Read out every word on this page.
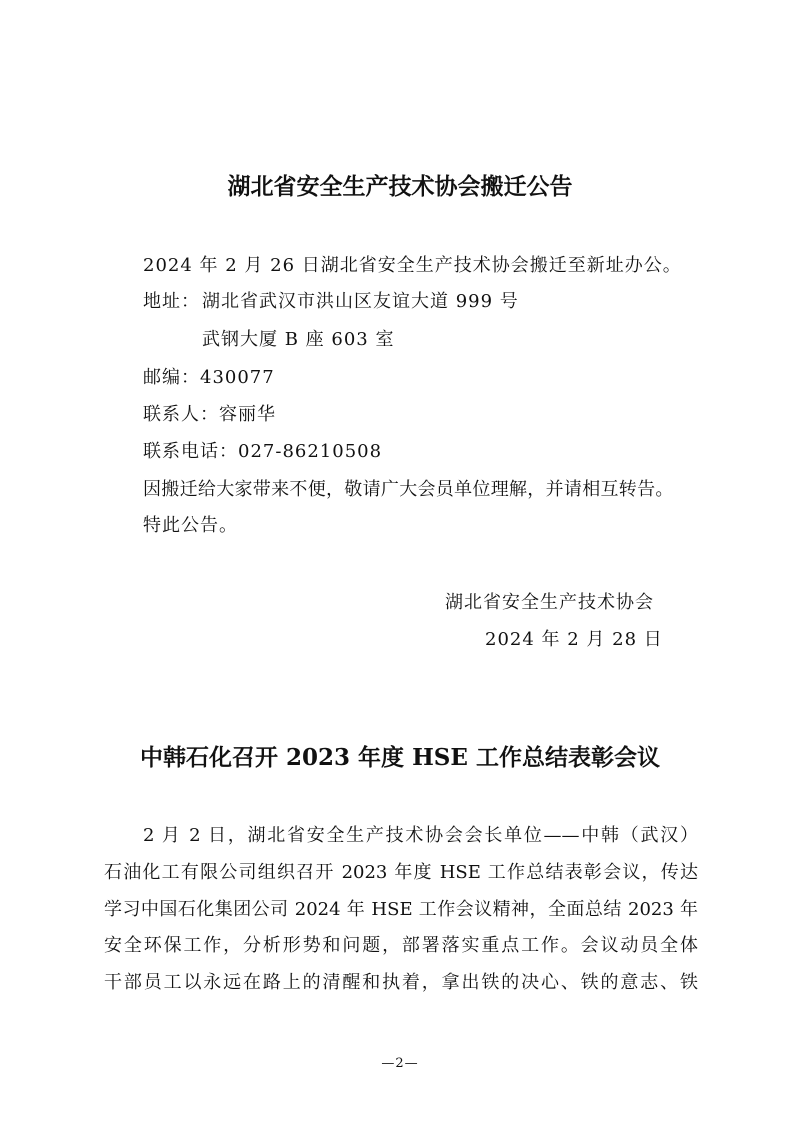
湖北省安全生产技术协会搬迁公告

2024 年 2 月 26 日湖北省安全生产技术协会搬迁至新址办公。

地址： 湖北省武汉市洪山区友谊大道 999 号

武钢大厦 B 座 603 室

邮编：430077

联系人：容丽华

联系电话：027-86210508

因搬迁给大家带来不便，敬请广大会员单位理解，并请相互转告。

特此公告。

湖北省安全生产技术协会

2024 年 2 月 28 日

中韩石化召开 2023 年度 HSE 工作总结表彰会议

2 月 2 日，湖北省安全生产技术协会会长单位——中韩（武汉）

石油化工有限公司组织召开 2023 年度 HSE 工作总结表彰会议，传达

学习中国石化集团公司 2024 年 HSE 工作会议精神，全面总结 2023 年

安全环保工作，分析形势和问题，部署落实重点工作。会议动员全体

干部员工以永远在路上的清醒和执着，拿出铁的决心、铁的意志、铁

—2—
